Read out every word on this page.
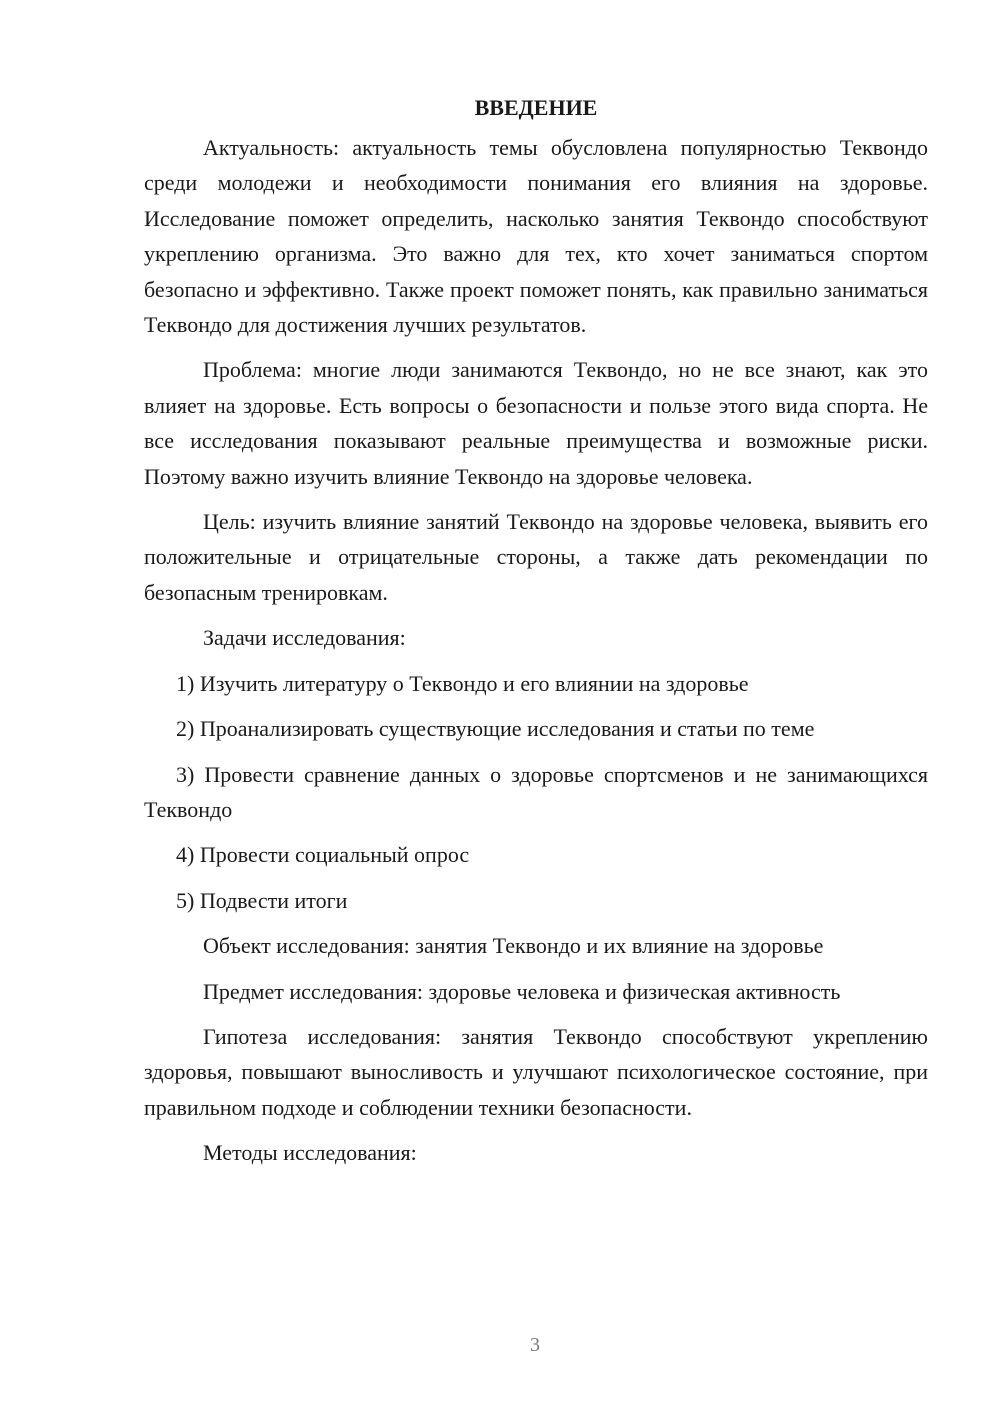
ВВЕДЕНИЕ

Актуальность: актуальность темы обусловлена популярностью Теквондо среди молодежи и необходимости понимания его влияния на здоровье. Исследование поможет определить, насколько занятия Теквондо способствуют укреплению организма. Это важно для тех, кто хочет заниматься спортом безопасно и эффективно. Также проект поможет понять, как правильно заниматься Теквондо для достижения лучших результатов.

Проблема: многие люди занимаются Теквондо, но не все знают, как это влияет на здоровье. Есть вопросы о безопасности и пользе этого вида спорта. Не все исследования показывают реальные преимущества и возможные риски. Поэтому важно изучить влияние Теквондо на здоровье человека.

Цель: изучить влияние занятий Теквондо на здоровье человека, выявить его положительные и отрицательные стороны, а также дать рекомендации по безопасным тренировкам.

Задачи исследования:

1) Изучить литературу о Теквондо и его влиянии на здоровье

2) Проанализировать существующие исследования и статьи по теме

3) Провести сравнение данных о здоровье спортсменов и не занимающихся Теквондо

4) Провести социальный опрос

5) Подвести итоги

Объект исследования: занятия Теквондо и их влияние на здоровье

Предмет исследования: здоровье человека и физическая активность

Гипотеза исследования: занятия Теквондо способствуют укреплению здоровья, повышают выносливость и улучшают психологическое состояние, при правильном подходе и соблюдении техники безопасности.

Методы исследования:

3
